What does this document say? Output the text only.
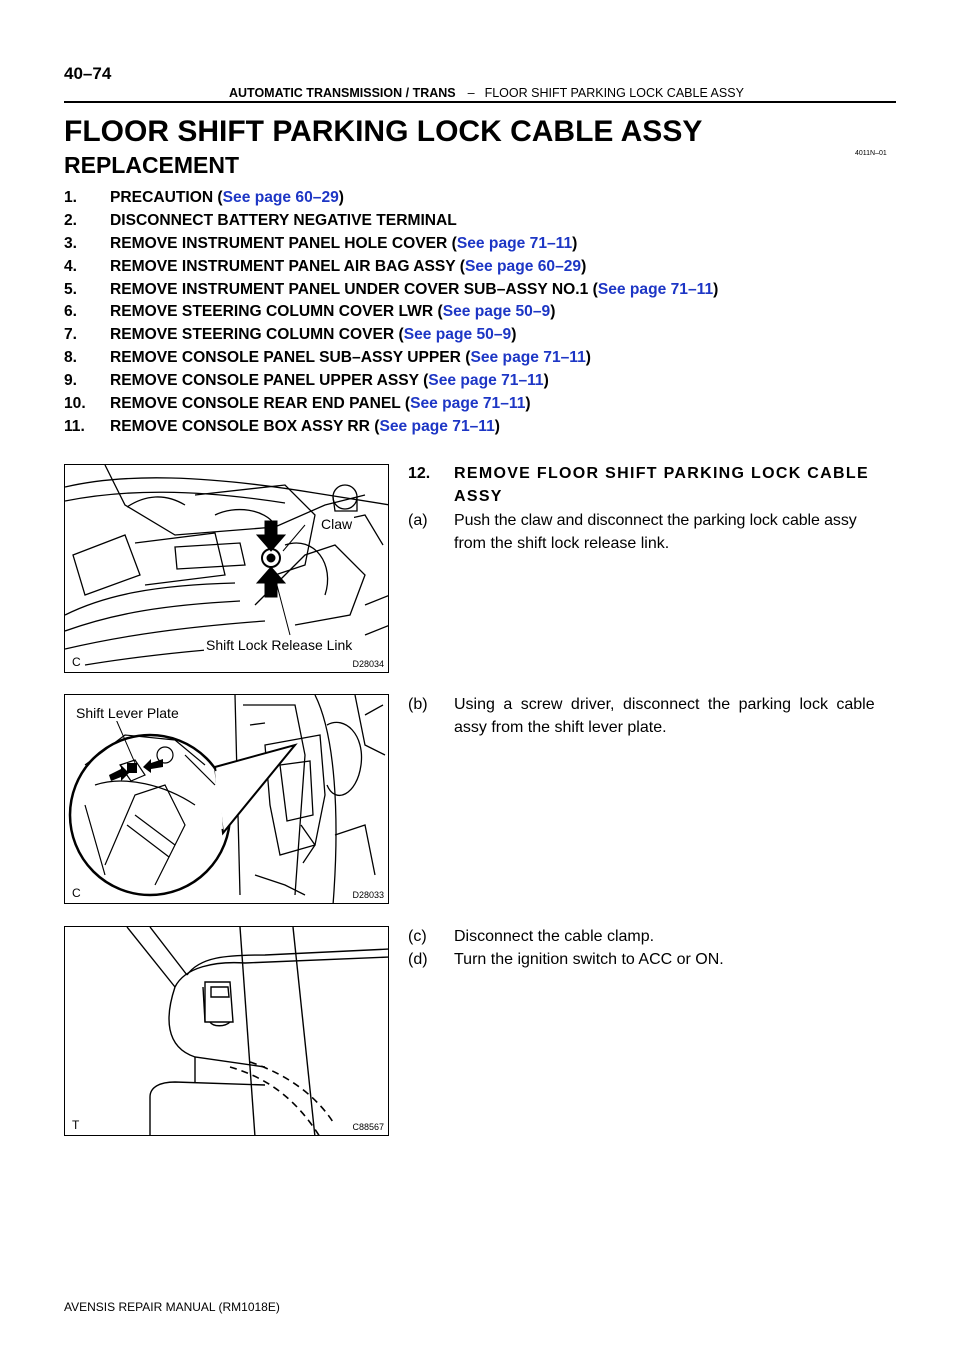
40–74
AUTOMATIC TRANSMISSION / TRANS – FLOOR SHIFT PARKING LOCK CABLE ASSY
FLOOR SHIFT PARKING LOCK CABLE ASSY
REPLACEMENT	4011N–01
1. PRECAUTION (See page 60–29)
2. DISCONNECT BATTERY NEGATIVE TERMINAL
3. REMOVE INSTRUMENT PANEL HOLE COVER (See page 71–11)
4. REMOVE INSTRUMENT PANEL AIR BAG ASSY (See page 60–29)
5. REMOVE INSTRUMENT PANEL UNDER COVER SUB–ASSY NO.1 (See page 71–11)
6. REMOVE STEERING COLUMN COVER LWR (See page 50–9)
7. REMOVE STEERING COLUMN COVER (See page 50–9)
8. REMOVE CONSOLE PANEL SUB–ASSY UPPER (See page 71–11)
9. REMOVE CONSOLE PANEL UPPER ASSY (See page 71–11)
10. REMOVE CONSOLE REAR END PANEL (See page 71–11)
11. REMOVE CONSOLE BOX ASSY RR (See page 71–11)
Claw
Shift Lock Release Link
C	D28034
Shift Lever Plate
C	D28033
T	C88567
12. REMOVE FLOOR SHIFT PARKING LOCK CABLE
ASSY
(a) Push the claw and disconnect the parking lock cable assy
from the shift lock release link.
(b) Using a screw driver, disconnect the parking lock cable
assy from the shift lever plate.
(c) Disconnect the cable clamp.
(d) Turn the ignition switch to ACC or ON.
AVENSIS REPAIR MANUAL (RM1018E)
